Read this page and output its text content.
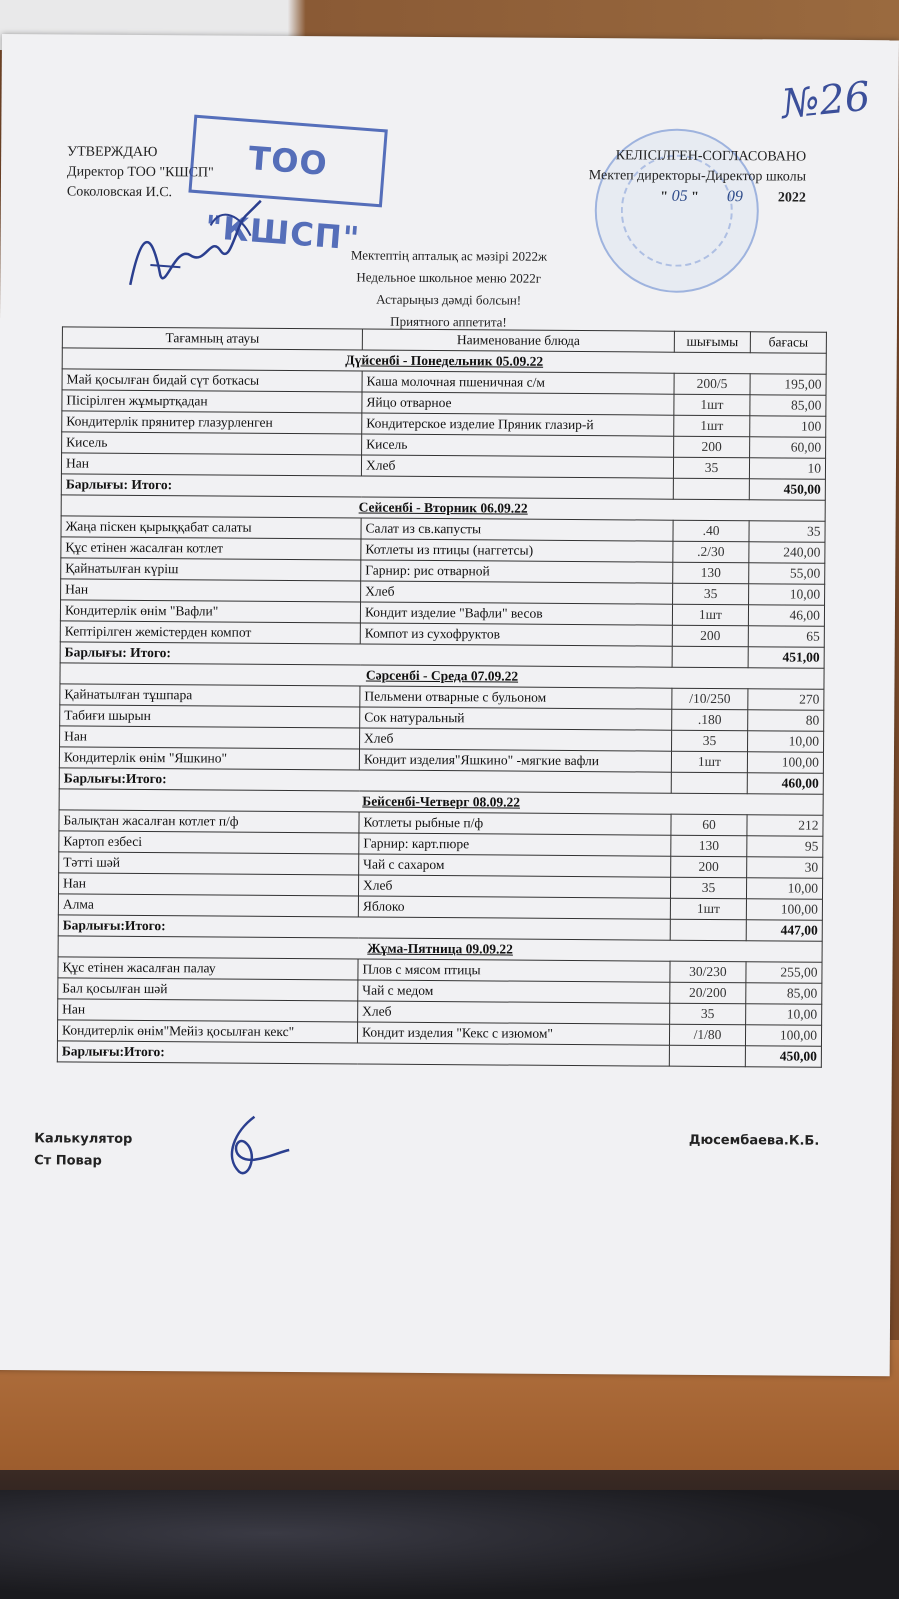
№26
УТВЕРЖДАЮ
Директор ТОО "КШСП"
Соколовская И.С.
ТОО "КШСП"
КЕЛІСІЛГЕН-СОГЛАСОВАНО
Мектеп директоры-Директор школы
" 05 " 09 2022
Мектептің апталық ас мәзірі 2022ж
Недельное школьное меню 2022г
Астарыңыз дәмді болсын!
Приятного аппетита!
Тағамның атауы	Наименование блюда	шығымы	бағасы
Дүйсенбі - Понедельник 05.09.22			
Май қосылған бидай сүт боткасы	Каша молочная пшеничная с/м	200/5	195,00
Пісірілген жұмыртқадан	Яйцо отварное	1шт	85,00
Кондитерлік прянитер глазурленген	Кондитерское изделие Пряник глазир-й	1шт	100
Кисель	Кисель	200	60,00
Нан	Хлеб	35	10
Барлығы: Итого:			450,00
Сейсенбі - Вторник 06.09.22			
Жаңа піскен қырыққабат салаты	Салат из св.капусты	.40	35
Құс етінен жасалған котлет	Котлеты из птицы (наггетсы)	.2/30	240,00
Қайнатылған күріш	Гарнир: рис отварной	130	55,00
Нан	Хлеб	35	10,00
Кондитерлік өнім "Вафли"	Кондит изделие "Вафли" весов	1шт	46,00
Кептірілген жемістерден компот	Компот из сухофруктов	200	65
Барлығы: Итого:			451,00
Сәрсенбі - Среда 07.09.22			
Қайнатылған тұшпара	Пельмени отварные с бульоном	/10/250	270
Табиғи шырын	Сок натуральный	.180	80
Нан	Хлеб	35	10,00
Кондитерлік өнім "Яшкино"	Кондит изделия"Яшкино" -мягкие вафли	1шт	100,00
Барлығы:Итого:			460,00
Бейсенбі-Четверг 08.09.22			
Балықтан жасалған котлет п/ф	Котлеты рыбные п/ф	60	212
Картоп езбесі	Гарнир: карт.пюре	130	95
Тәтті шәй	Чай с сахаром	200	30
Нан	Хлеб	35	10,00
Алма	Яблоко	1шт	100,00
Барлығы:Итого:			447,00
Жұма-Пятница 09.09.22			
Құс етінен жасалған палау	Плов с мясом птицы	30/230	255,00
Бал қосылған шәй	Чай с медом	20/200	85,00
Нан	Хлеб	35	10,00
Кондитерлік өнім"Мейіз қосылған кекс"	Кондит изделия "Кекс с изюмом"	/1/80	100,00
Барлығы:Итого:			450,00
Калькулятор
Ст Повар
Дюсембаева.К.Б.
